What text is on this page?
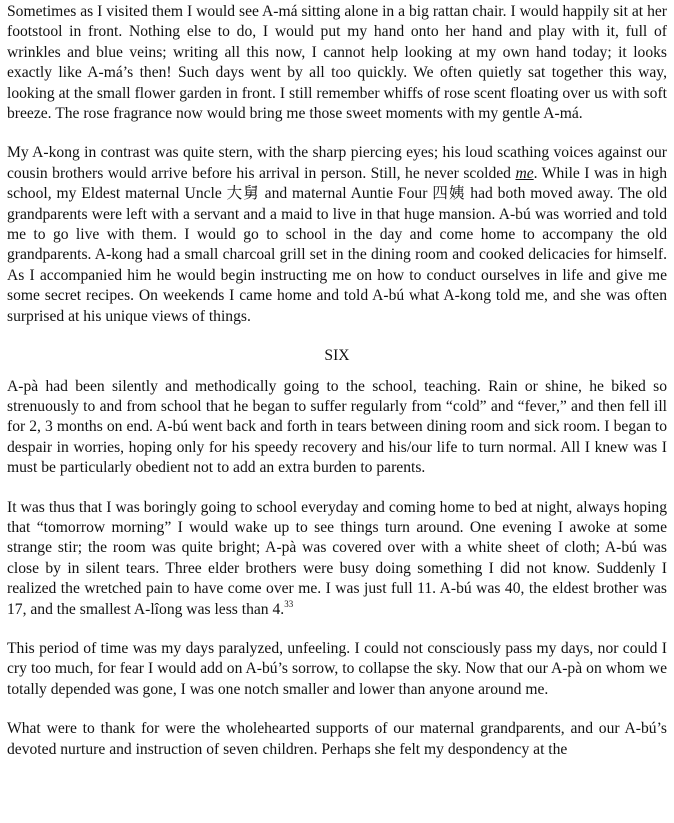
Sometimes as I visited them I would see A-má sitting alone in a big rattan chair. I would happily sit at her footstool in front. Nothing else to do, I would put my hand onto her hand and play with it, full of wrinkles and blue veins; writing all this now, I cannot help looking at my own hand today; it looks exactly like A-má’s then! Such days went by all too quickly. We often quietly sat together this way, looking at the small flower garden in front. I still remember whiffs of rose scent floating over us with soft breeze. The rose fragrance now would bring me those sweet moments with my gentle A-má.

My A-kong in contrast was quite stern, with the sharp piercing eyes; his loud scathing voices against our cousin brothers would arrive before his arrival in person. Still, he never scolded me. While I was in high school, my Eldest maternal Uncle 大舅 and maternal Auntie Four 四姨 had both moved away. The old grandparents were left with a servant and a maid to live in that huge mansion. A-bú was worried and told me to go live with them. I would go to school in the day and come home to accompany the old grandparents. A-kong had a small charcoal grill set in the dining room and cooked delicacies for himself. As I accompanied him he would begin instructing me on how to conduct ourselves in life and give me some secret recipes. On weekends I came home and told A-bú what A-kong told me, and she was often surprised at his unique views of things.

SIX

A-pà had been silently and methodically going to the school, teaching. Rain or shine, he biked so strenuously to and from school that he began to suffer regularly from “cold” and “fever,” and then fell ill for 2, 3 months on end. A-bú went back and forth in tears between dining room and sick room. I began to despair in worries, hoping only for his speedy recovery and his/our life to turn normal. All I knew was I must be particularly obedient not to add an extra burden to parents.

It was thus that I was boringly going to school everyday and coming home to bed at night, always hoping that “tomorrow morning” I would wake up to see things turn around. One evening I awoke at some strange stir; the room was quite bright; A-pà was covered over with a white sheet of cloth; A-bú was close by in silent tears. Three elder brothers were busy doing something I did not know. Suddenly I realized the wretched pain to have come over me. I was just full 11. A-bú was 40, the eldest brother was 17, and the smallest A-lîong was less than 4.33

This period of time was my days paralyzed, unfeeling. I could not consciously pass my days, nor could I cry too much, for fear I would add on A-bú’s sorrow, to collapse the sky. Now that our A-pà on whom we totally depended was gone, I was one notch smaller and lower than anyone around me.

What were to thank for were the wholehearted supports of our maternal grandparents, and our A-bú’s devoted nurture and instruction of seven children. Perhaps she felt my despondency at the
